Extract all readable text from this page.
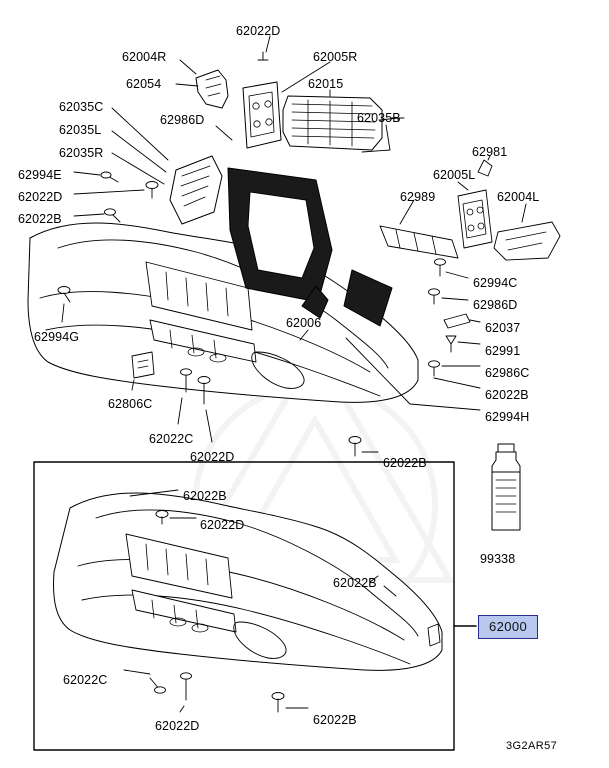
62022D
62004R	62005R
62054	62015
62035C
62986D	62035B
62035L
62035R	62981
62994E	62005L
62022D	62004L
62989
62022B
62994C
62986D
62994G
62006	62037
62991
62986C
62022B
62806C
62994H
62022C
62022D	62022B
62022B
62022D
62022B
62022C
62022D	62022B
99338
62000
3G2AR57
